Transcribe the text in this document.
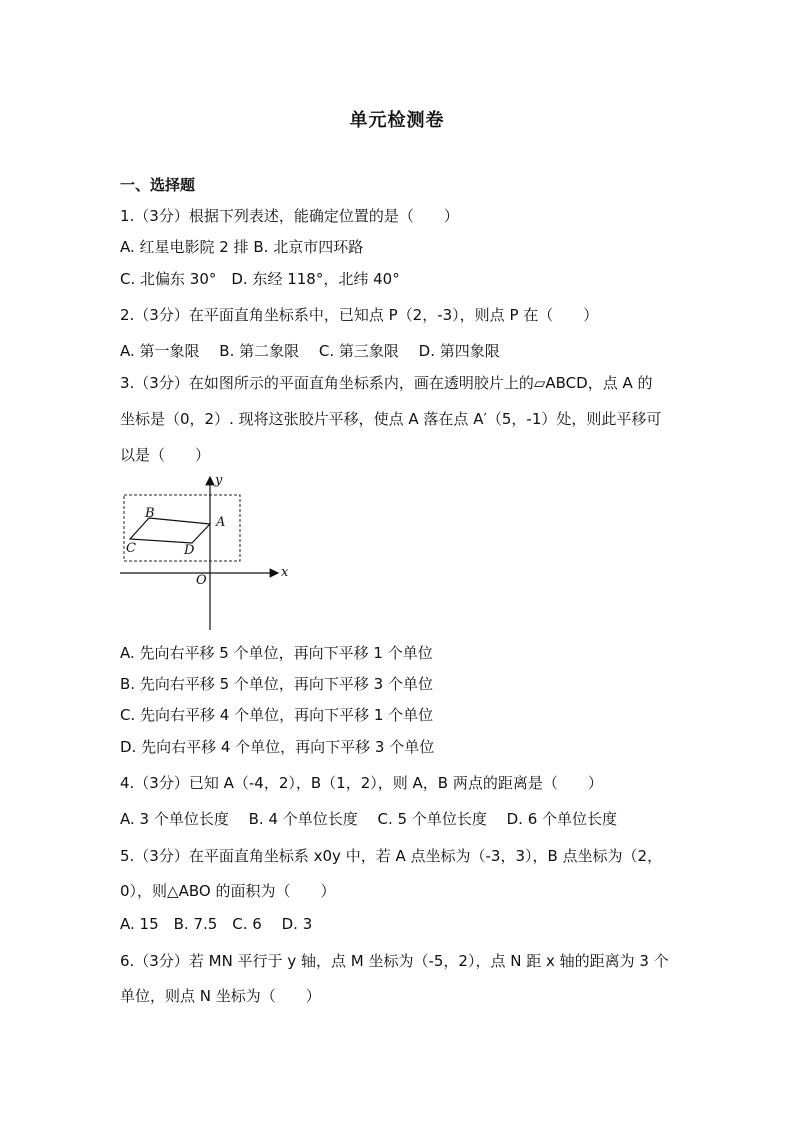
单元检测卷
一、选择题
1.（3分）根据下列表述，能确定位置的是（　　）
A. 红星电影院 2 排 B. 北京市四环路
C. 北偏东 30°　D. 东经 118°，北纬 40°
2.（3分）在平面直角坐标系中，已知点 P（2，-3），则点 P 在（　　）
A. 第一象限　 B. 第二象限　 C. 第三象限　 D. 第四象限
3.（3分）在如图所示的平面直角坐标系内，画在透明胶片上的▱ABCD，点 A 的
坐标是（0，2）. 现将这张胶片平移，使点 A 落在点 A′（5，-1）处，则此平移可
以是（　　）
y
x
O
A
B
C	D
A. 先向右平移 5 个单位，再向下平移 1 个单位
B. 先向右平移 5 个单位，再向下平移 3 个单位
C. 先向右平移 4 个单位，再向下平移 1 个单位
D. 先向右平移 4 个单位，再向下平移 3 个单位
4.（3分）已知 A（-4，2），B（1，2），则 A，B 两点的距离是（　　）
A. 3 个单位长度　 B. 4 个单位长度　 C. 5 个单位长度　 D. 6 个单位长度
5.（3分）在平面直角坐标系 x0y 中，若 A 点坐标为（-3，3），B 点坐标为（2，
0），则△ABO 的面积为（　　）
A. 15　B. 7.5　C. 6　 D. 3
6.（3分）若 MN 平行于 y 轴，点 M 坐标为（-5，2），点 N 距 x 轴的距离为 3 个
单位，则点 N 坐标为（　　）
